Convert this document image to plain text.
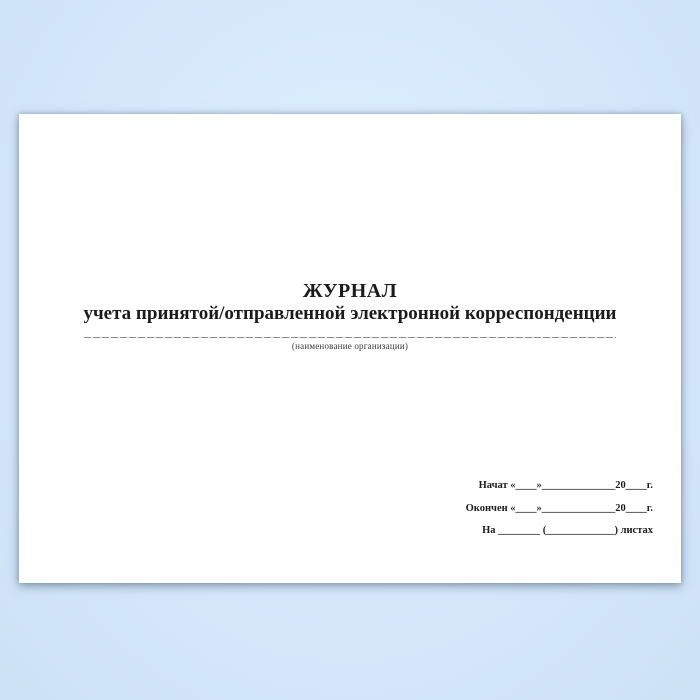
ЖУРНАЛ
учета принятой/отправленной электронной корреспонденции
(наименование организации)
Начат «____»______________20____г.
Окончен «____»______________20____г.
На ________ (_____________) листах
